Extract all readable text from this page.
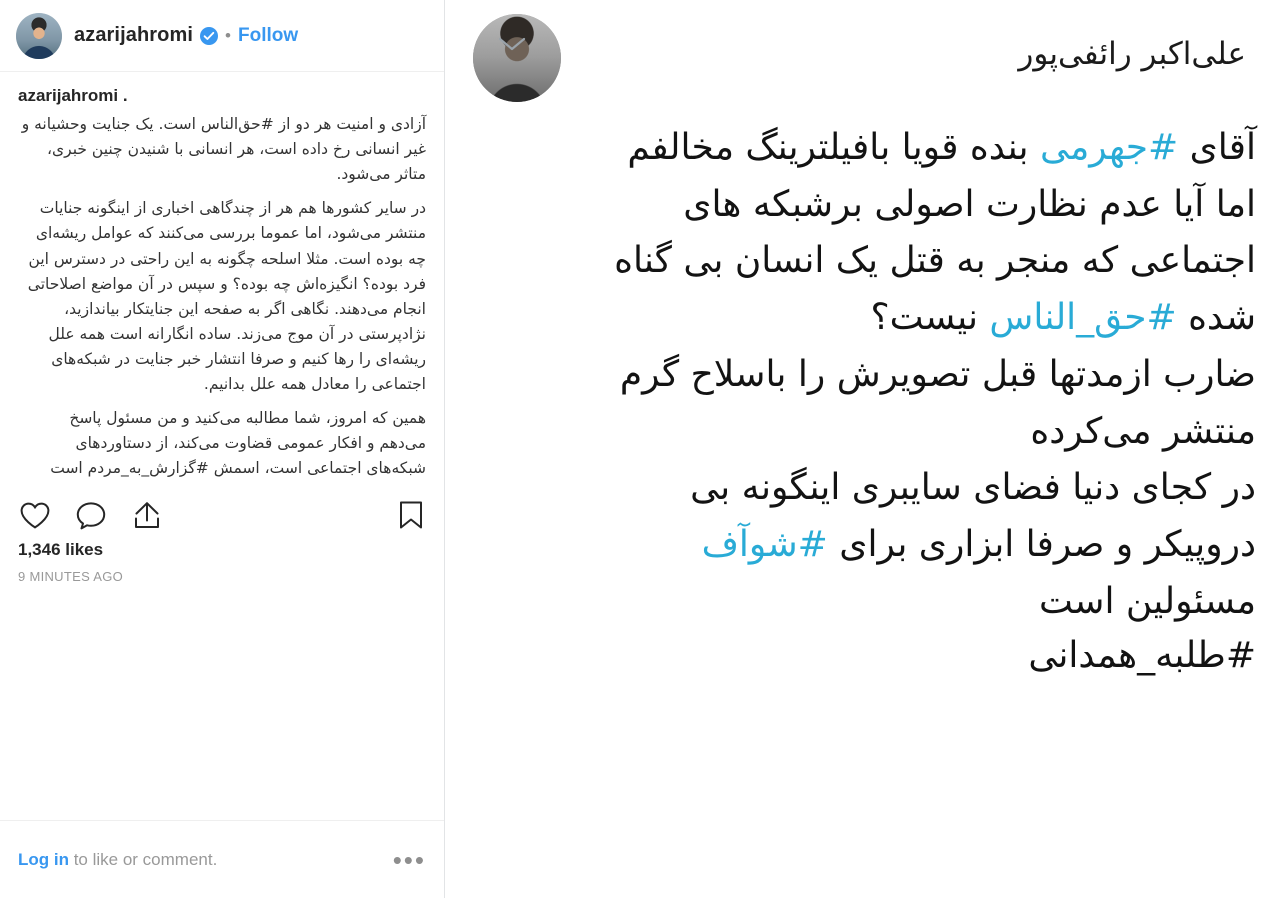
علی‌اکبر رائفی‌پور

آقای #جهرمی بنده قویا بافیلترینگ مخالفم

اما آیا عدم نظارت اصولی برشبکه های

اجتماعی که منجر به قتل یک انسان بی گناه

شده #حق_الناس نیست؟

ضارب ازمدتها قبل تصویرش را باسلاح گرم

منتشر می‌کرده

در کجای دنیا فضای سایبری اینگونه بی

دروپیکر و صرفا ابزاری برای #شوآف

مسئولین است

#طلبه_همدانی

azarijahromi • Follow
azarijahromi .

آزادی و امنیت هر دو از #حق‌الناس است. یک جنایت وحشیانه و غیر انسانی رخ داده است، هر انسانی با شنیدن چنین خبری، متاثر می‌شود.

در سایر کشورها هم هر از چندگاهی اخباری از اینگونه جنایات منتشر می‌شود، اما عموما بررسی می‌کنند که عوامل ریشه‌ای چه بوده است. مثلا اسلحه چگونه به این راحتی در دسترس این فرد بوده؟ انگیزه‌اش چه بوده؟ و سپس در آن مواضع اصلاحاتی انجام می‌دهند. نگاهی اگر به صفحه این جنایتکار بیاندازید، نژادپرستی در آن موج می‌زند. ساده انگارانه است همه علل ریشه‌ای را رها کنیم و صرفا انتشار خبر جنایت در شبکه‌های اجتماعی را معادل همه علل بدانیم.

همین که امروز، شما مطالبه می‌کنید و من مسئول پاسخ می‌دهم و افکار عمومی قضاوت می‌کند، از دستاورد‌های شبکه‌های اجتماعی است، اسمش #گزارش_به_مردم است

1,346 likes
9 MINUTES AGO
Log in to like or comment.	•••
